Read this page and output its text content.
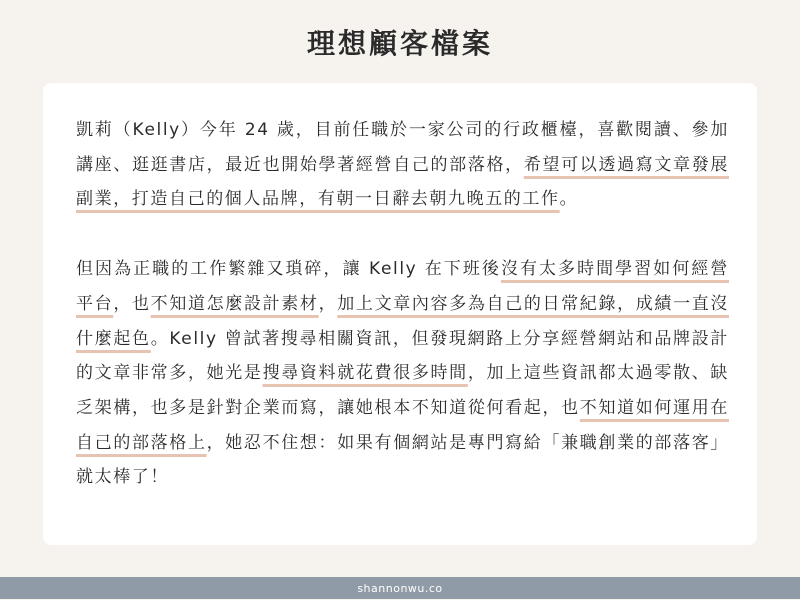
理想顧客檔案

凱莉（Kelly）今年 24 歲，目前任職於一家公司的行政櫃檯，喜歡閱讀、參加講座、逛逛書店，最近也開始學著經營自己的部落格，希望可以透過寫文章發展副業，打造自己的個人品牌，有朝一日辭去朝九晚五的工作。

但因為正職的工作繁雜又瑣碎，讓 Kelly 在下班後沒有太多時間學習如何經營平台，也不知道怎麼設計素材，加上文章內容多為自己的日常紀錄，成績一直沒什麼起色。Kelly 曾試著搜尋相關資訊，但發現網路上分享經營網站和品牌設計的文章非常多，她光是搜尋資料就花費很多時間，加上這些資訊都太過零散、缺乏架構，也多是針對企業而寫，讓她根本不知道從何看起，也不知道如何運用在自己的部落格上，她忍不住想：如果有個網站是專門寫給「兼職創業的部落客」就太棒了！

shannonwu.co
